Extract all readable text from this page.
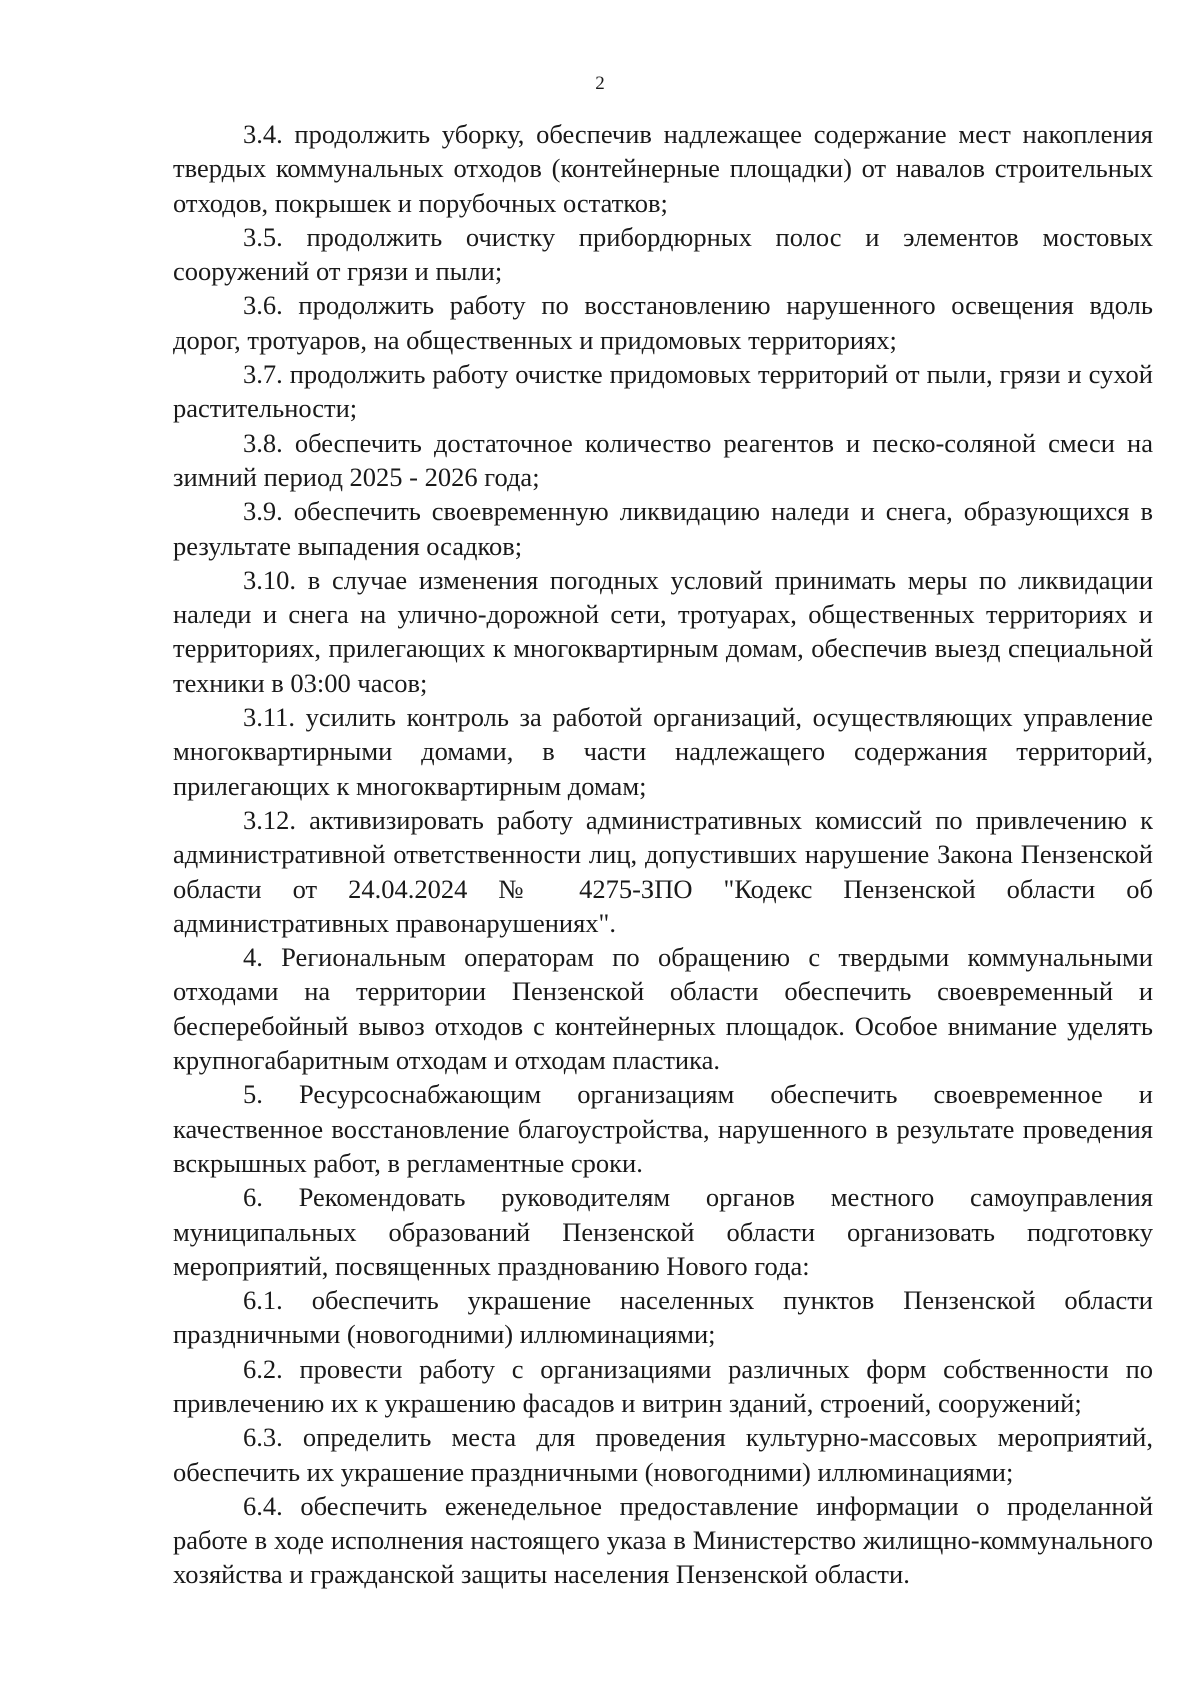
2

3.4. продолжить уборку, обеспечив надлежащее содержание мест накопления твердых коммунальных отходов (контейнерные площадки) от навалов строительных отходов, покрышек и порубочных остатков;

3.5. продолжить очистку прибордюрных полос и элементов мостовых сооружений от грязи и пыли;

3.6. продолжить работу по восстановлению нарушенного освещения вдоль дорог, тротуаров, на общественных и придомовых территориях;

3.7. продолжить работу очистке придомовых территорий от пыли, грязи и сухой растительности;

3.8. обеспечить достаточное количество реагентов и песко-соляной смеси на зимний период 2025 - 2026 года;

3.9. обеспечить своевременную ликвидацию наледи и снега, образующихся в результате выпадения осадков;

3.10. в случае изменения погодных условий принимать меры по ликвидации наледи и снега на улично-дорожной сети, тротуарах, общественных территориях и территориях, прилегающих к многоквартирным домам, обеспечив выезд специальной техники в 03:00 часов;

3.11. усилить контроль за работой организаций, осуществляющих управление многоквартирными домами, в части надлежащего содержания территорий, прилегающих к многоквартирным домам;

3.12. активизировать работу административных комиссий по привлечению к административной ответственности лиц, допустивших нарушение Закона Пензенской области от 24.04.2024 № 4275-ЗПО "Кодекс Пензенской области об административных правонарушениях".

4. Региональным операторам по обращению с твердыми коммунальными отходами на территории Пензенской области обеспечить своевременный и бесперебойный вывоз отходов с контейнерных площадок. Особое внимание уделять крупногабаритным отходам и отходам пластика.

5. Ресурсоснабжающим организациям обеспечить своевременное и качественное восстановление благоустройства, нарушенного в результате проведения вскрышных работ, в регламентные сроки.

6. Рекомендовать руководителям органов местного самоуправления муниципальных образований Пензенской области организовать подготовку мероприятий, посвященных празднованию Нового года:

6.1. обеспечить украшение населенных пунктов Пензенской области праздничными (новогодними) иллюминациями;

6.2. провести работу с организациями различных форм собственности по привлечению их к украшению фасадов и витрин зданий, строений, сооружений;

6.3. определить места для проведения культурно-массовых мероприятий, обеспечить их украшение праздничными (новогодними) иллюминациями;

6.4. обеспечить еженедельное предоставление информации о проделанной работе в ходе исполнения настоящего указа в Министерство жилищно-коммунального хозяйства и гражданской защиты населения Пензенской области.
